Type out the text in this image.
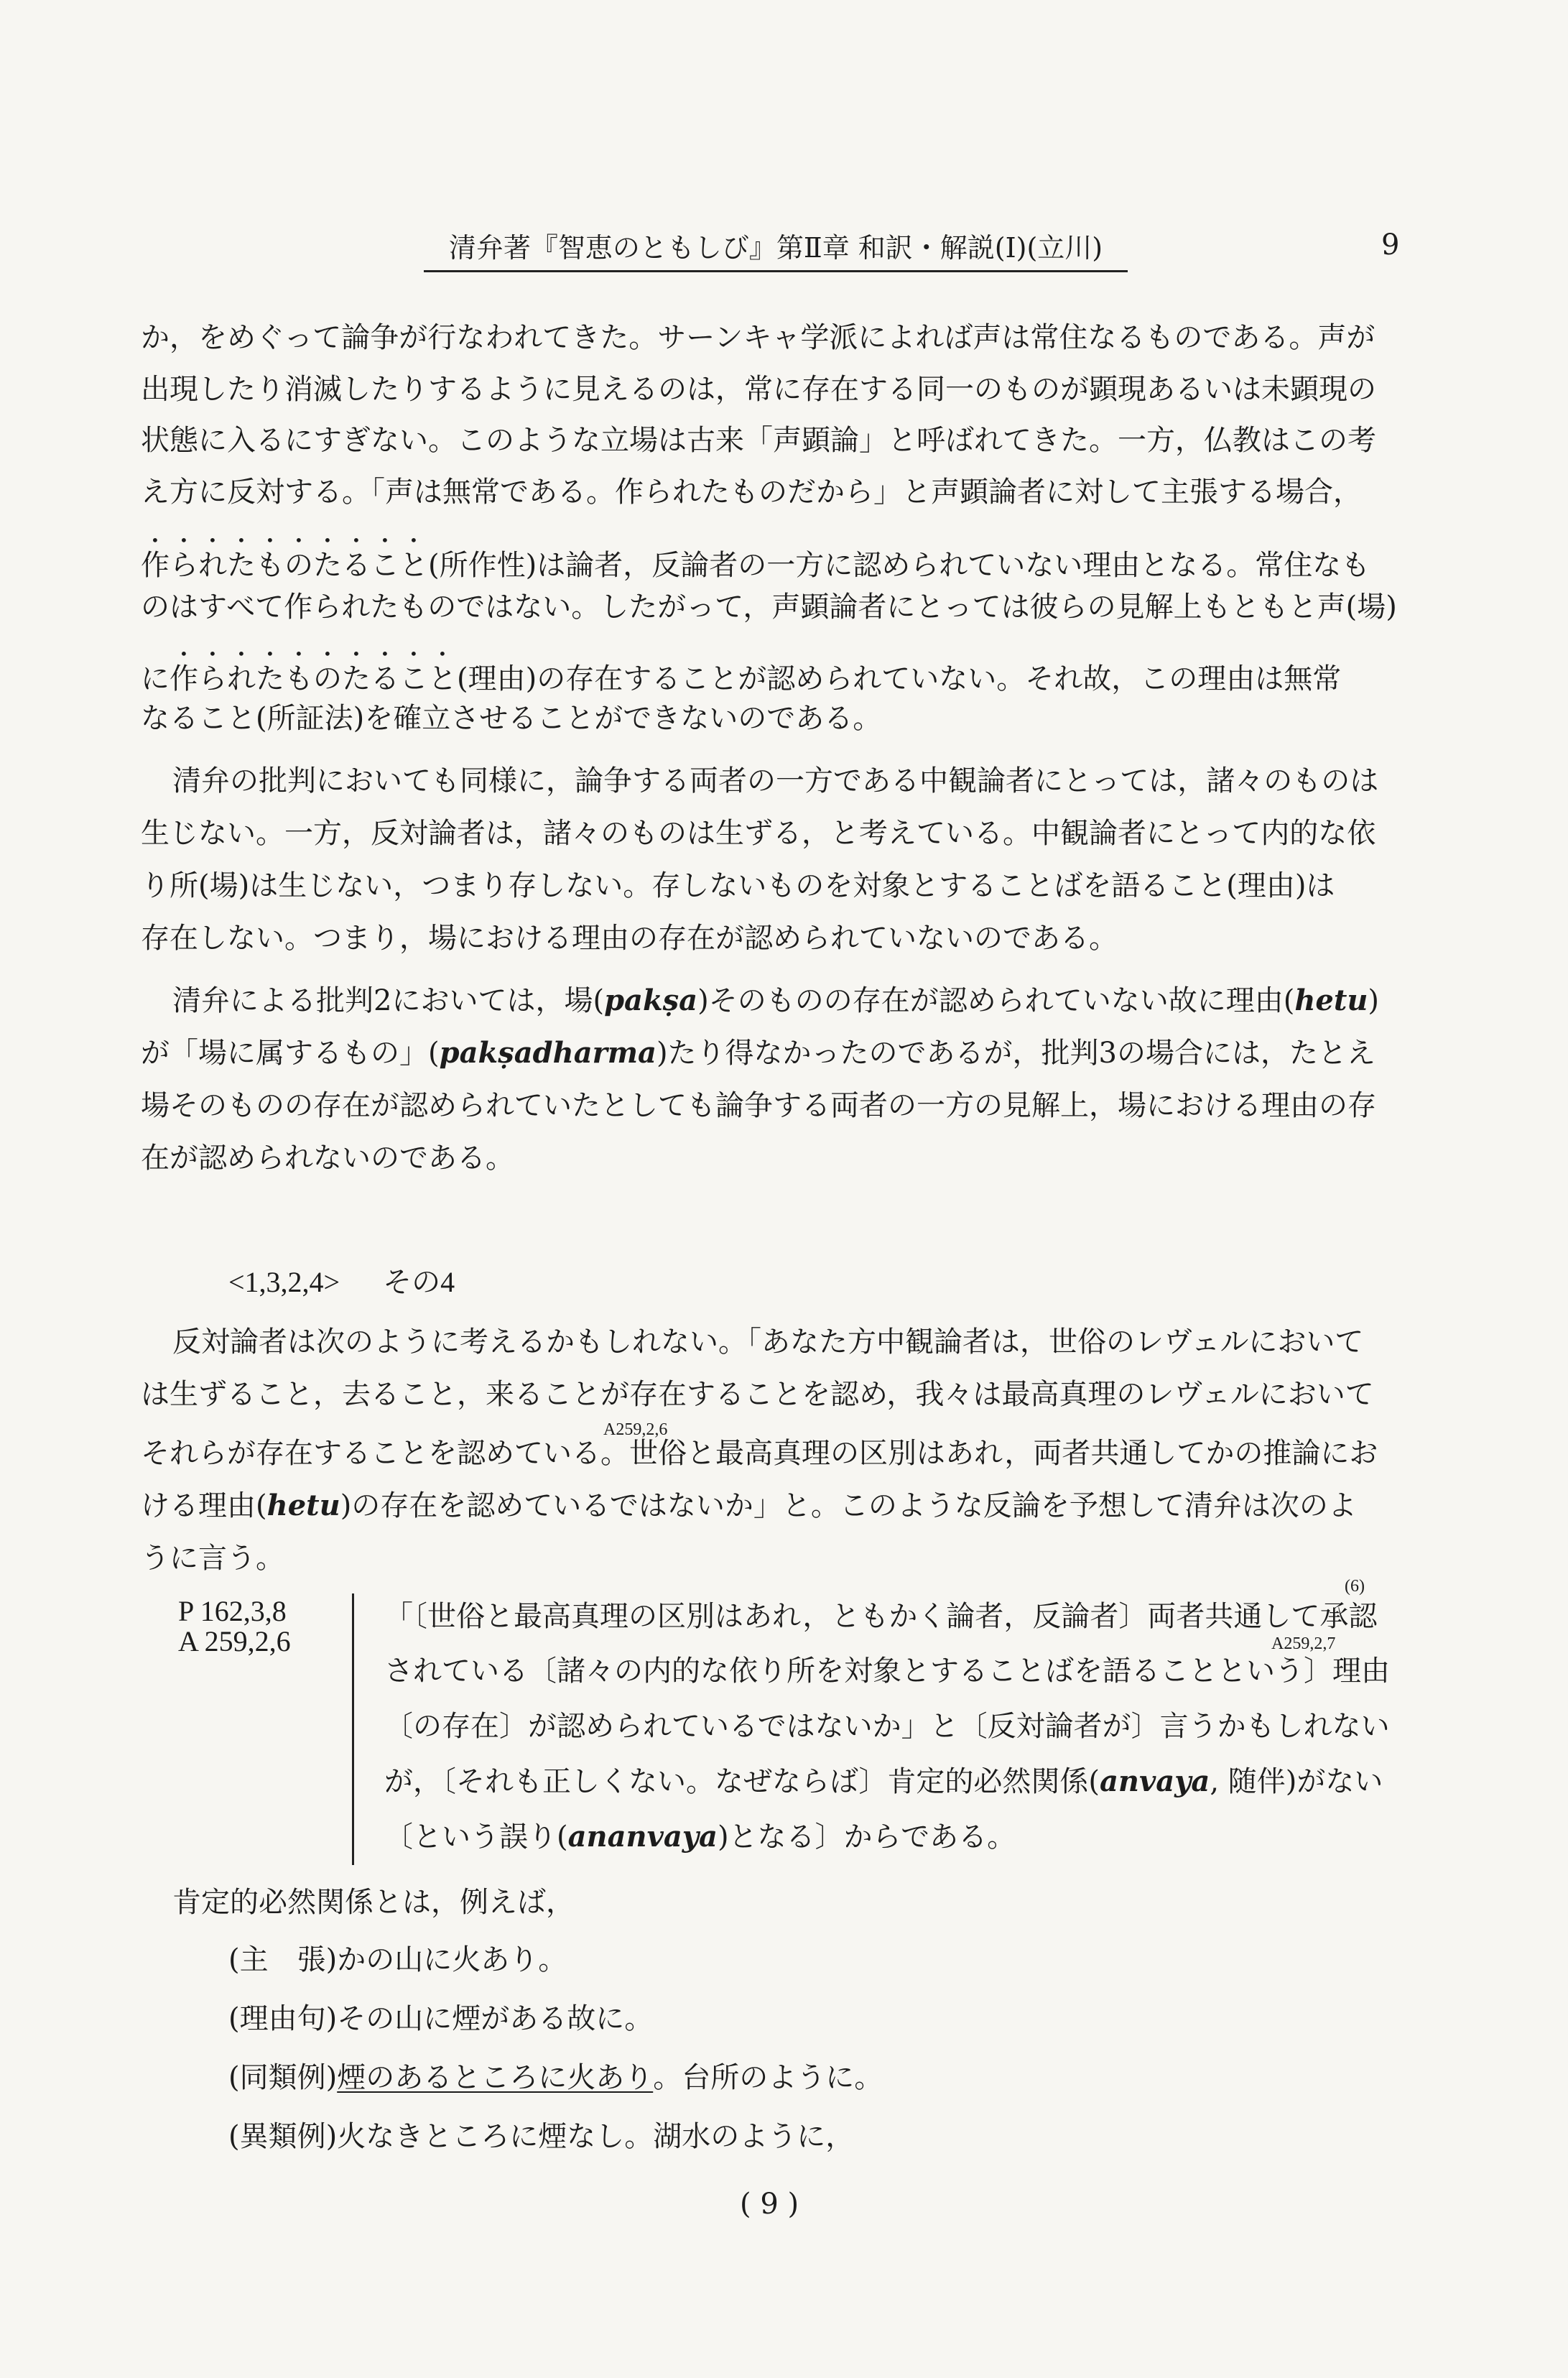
清弁著『智恵のともしび』第Ⅱ章 和訳・解説(Ⅰ)(立川)	9
か，をめぐって論争が行なわれてきた。サーンキャ学派によれば声は常住なるものである。声が
出現したり消滅したりするように見えるのは，常に存在する同一のものが顕現あるいは未顕現の
状態に入るにすぎない。このような立場は古来「声顕論」と呼ばれてきた。一方，仏教はこの考
え方に反対する。「声は無常である。作られたものだから」と声顕論者に対して主張する場合，
作られたものたること(所作性)は論者，反論者の一方に認められていない理由となる。常住なも
のはすべて作られたものではない。したがって，声顕論者にとっては彼らの見解上もともと声(場)
に作られたものたること(理由)の存在することが認められていない。それ故，この理由は無常
なること(所証法)を確立させることができないのである。
清弁の批判においても同様に，論争する両者の一方である中観論者にとっては，諸々のものは
生じない。一方，反対論者は，諸々のものは生ずる，と考えている。中観論者にとって内的な依
り所(場)は生じない，つまり存しない。存しないものを対象とすることばを語ること(理由)は
存在しない。つまり，場における理由の存在が認められていないのである。
清弁による批判2においては，場(pakṣa)そのものの存在が認められていない故に理由(hetu)
が「場に属するもの」(pakṣadharma)たり得なかったのであるが，批判3の場合には，たとえ
場そのものの存在が認められていたとしても論争する両者の一方の見解上，場における理由の存
在が認められないのである。
<1,3,2,4> その4
反対論者は次のように考えるかもしれない。「あなた方中観論者は，世俗のレヴェルにおいて
は生ずること，去ること，来ることが存在することを認め，我々は最高真理のレヴェルにおいて
A259,2,6
それらが存在することを認めている。世俗と最高真理の区別はあれ，両者共通してかの推論にお
ける理由(hetu)の存在を認めているではないか」と。このような反論を予想して清弁は次のよ
うに言う。
P 162,3,8
A 259,2,6
(6)
「〔世俗と最高真理の区別はあれ，ともかく論者，反論者〕両者共通して承認
A259,2,7
されている〔諸々の内的な依り所を対象とすることばを語ることという〕理由
〔の存在〕が認められているではないか」と〔反対論者が〕言うかもしれない
が，〔それも正しくない。なぜならば〕肯定的必然関係(anvaya, 随伴)がない
〔という誤り(ananvaya)となる〕からである。
肯定的必然関係とは，例えば，
(主　張)かの山に火あり。
(理由句)その山に煙がある故に。
(同類例)煙のあるところに火あり。台所のように。
(異類例)火なきところに煙なし。湖水のように，
( 9 )
